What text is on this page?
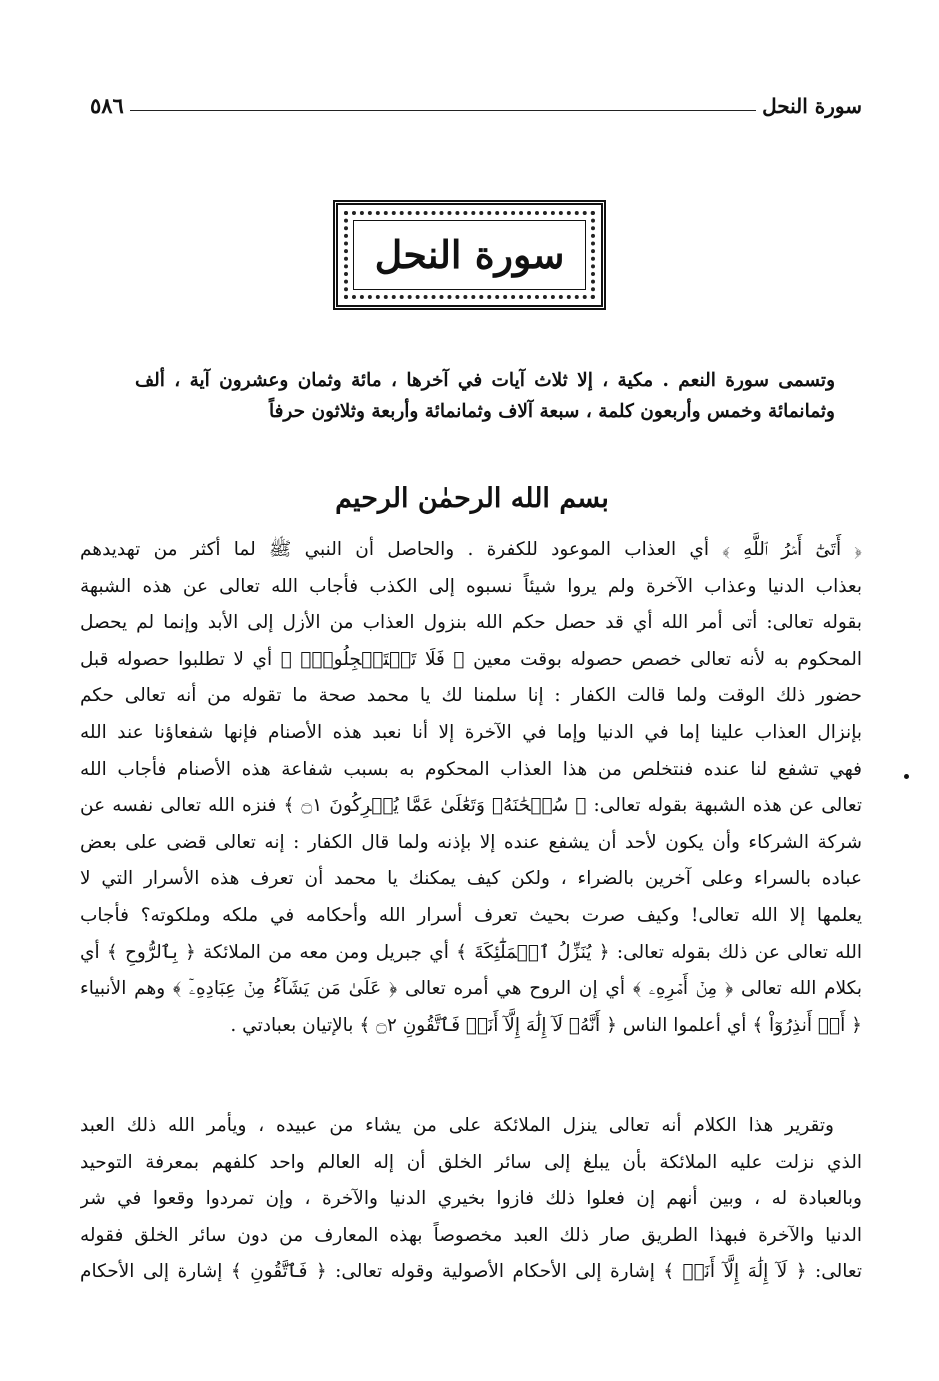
سورة النحل
٥٨٦
سورة النحل

وتسمى سورة النعم . مكية ، إلا ثلاث آيات في آخرها ، مائة وثمان وعشرون آية ، ألف

وثمانمائة وخمس وأربعون كلمة ، سبعة آلاف وثمانمائة وأربعة وثلاثون حرفاً

بسم الله الرحمٰن الرحيم
﴿ أَتَىٰٓ أَمۡرُ ٱللَّهِ ﴾ أي العذاب الموعود للكفرة . والحاصل أن النبي ﷺ لما أكثر من تهديدهم
بعذاب الدنيا وعذاب الآخرة ولم يروا شيئاً نسبوه إلى الكذب فأجاب الله تعالى عن هذه الشبهة
بقوله تعالى: أتى أمر الله أي قد حصل حكم الله بنزول العذاب من الأزل إلى الأبد وإنما لم يحصل
المحكوم به لأنه تعالى خصص حصوله بوقت معين ﴿ فَلَا تَسۡتَعۡجِلُوهُۚ ﴾ أي لا تطلبوا حصوله قبل
حضور ذلك الوقت ولما قالت الكفار : إنا سلمنا لك يا محمد صحة ما تقوله من أنه تعالى حكم
بإنزال العذاب علينا إما في الدنيا وإما في الآخرة إلا أنا نعبد هذه الأصنام فإنها شفعاؤنا عند الله
فهي تشفع لنا عنده فنتخلص من هذا العذاب المحكوم به بسبب شفاعة هذه الأصنام فأجاب الله
تعالى عن هذه الشبهة بقوله تعالى: ﴿ سُبۡحَٰنَهُۥ وَتَعَٰلَىٰ عَمَّا يُشۡرِكُونَ ۝١ ﴾ فنزه الله تعالى نفسه عن
شركة الشركاء وأن يكون لأحد أن يشفع عنده إلا بإذنه ولما قال الكفار : إنه تعالى قضى على بعض
عباده بالسراء وعلى آخرين بالضراء ، ولكن كيف يمكنك يا محمد أن تعرف هذه الأسرار التي لا
يعلمها إلا الله تعالى! وكيف صرت بحيث تعرف أسرار الله وأحكامه في ملكه وملكوته؟ فأجاب
الله تعالى عن ذلك بقوله تعالى: ﴿ يُنَزِّلُ ٱلۡمَلَٰٓئِكَةَ ﴾ أي جبريل ومن معه من الملائكة ﴿ بِٱلرُّوحِ ﴾ أي
بكلام الله تعالى ﴿ مِنۡ أَمۡرِهِۦ ﴾ أي إن الروح هي أمره تعالى ﴿ عَلَىٰ مَن يَشَآءُ مِنۡ عِبَادِهِۦٓ ﴾ وهم الأنبياء
﴿ أَنۡ أَنذِرُوٓاْ ﴾ أي أعلموا الناس ﴿ أَنَّهُۥ لَآ إِلَٰهَ إِلَّآ أَنَا۠ فَٱتَّقُونِ ۝٢ ﴾ بالإتيان بعبادتي .
وتقرير هذا الكلام أنه تعالى ينزل الملائكة على من يشاء من عبيده ، ويأمر الله ذلك العبد
الذي نزلت عليه الملائكة بأن يبلغ إلى سائر الخلق أن إله العالم واحد كلفهم بمعرفة التوحيد
وبالعبادة له ، وبين أنهم إن فعلوا ذلك فازوا بخيري الدنيا والآخرة ، وإن تمردوا وقعوا في شر
الدنيا والآخرة فبهذا الطريق صار ذلك العبد مخصوصاً بهذه المعارف من دون سائر الخلق فقوله
تعالى: ﴿ لَآ إِلَٰهَ إِلَّآ أَنَا۠ ﴾ إشارة إلى الأحكام الأصولية وقوله تعالى: ﴿ فَٱتَّقُونِ ﴾ إشارة إلى الأحكام
